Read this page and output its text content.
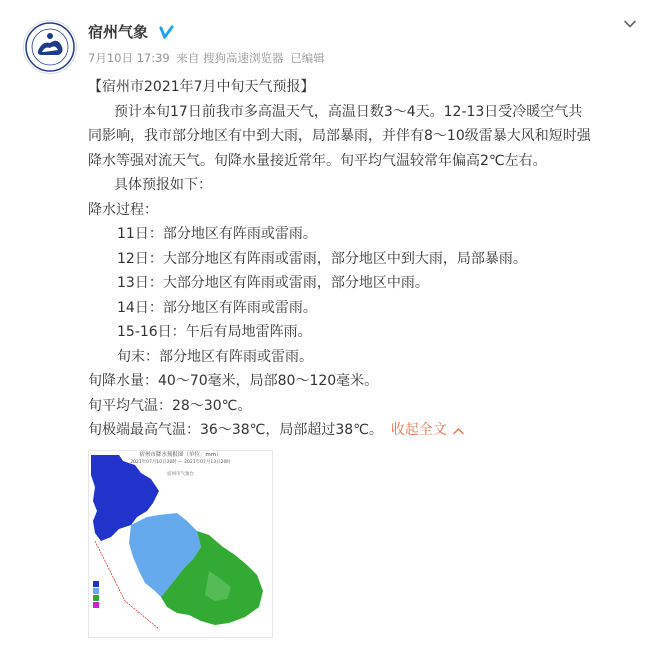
宿州气象
7月10日 17:39 来自 搜狗高速浏览器 已编辑

【宿州市2021年7月中旬天气预报】

预计本旬17日前我市多高温天气，高温日数3～4天。12-13日受冷暖空气共

同影响，我市部分地区有中到大雨，局部暴雨，并伴有8～10级雷暴大风和短时强

降水等强对流天气。旬降水量接近常年。旬平均气温较常年偏高2℃左右。

具体预报如下：

降水过程：

11日：部分地区有阵雨或雷雨。

12日：大部分地区有阵雨或雷雨，部分地区中到大雨，局部暴雨。

13日：大部分地区有阵雨或雷雨，部分地区中雨。

14日：部分地区有阵雨或雷雨。

15-16日：午后有局地雷阵雨。

旬末：部分地区有阵雨或雷雨。

旬降水量：40～70毫米，局部80～120毫米。

旬平均气温：28～30℃。

旬极端最高气温：36～38℃，局部超过38℃。 收起全文

宿州市降水预报图（单位：mm）
2021年07月10日20时 — 2021年07月13日20时
宿州市气象台
